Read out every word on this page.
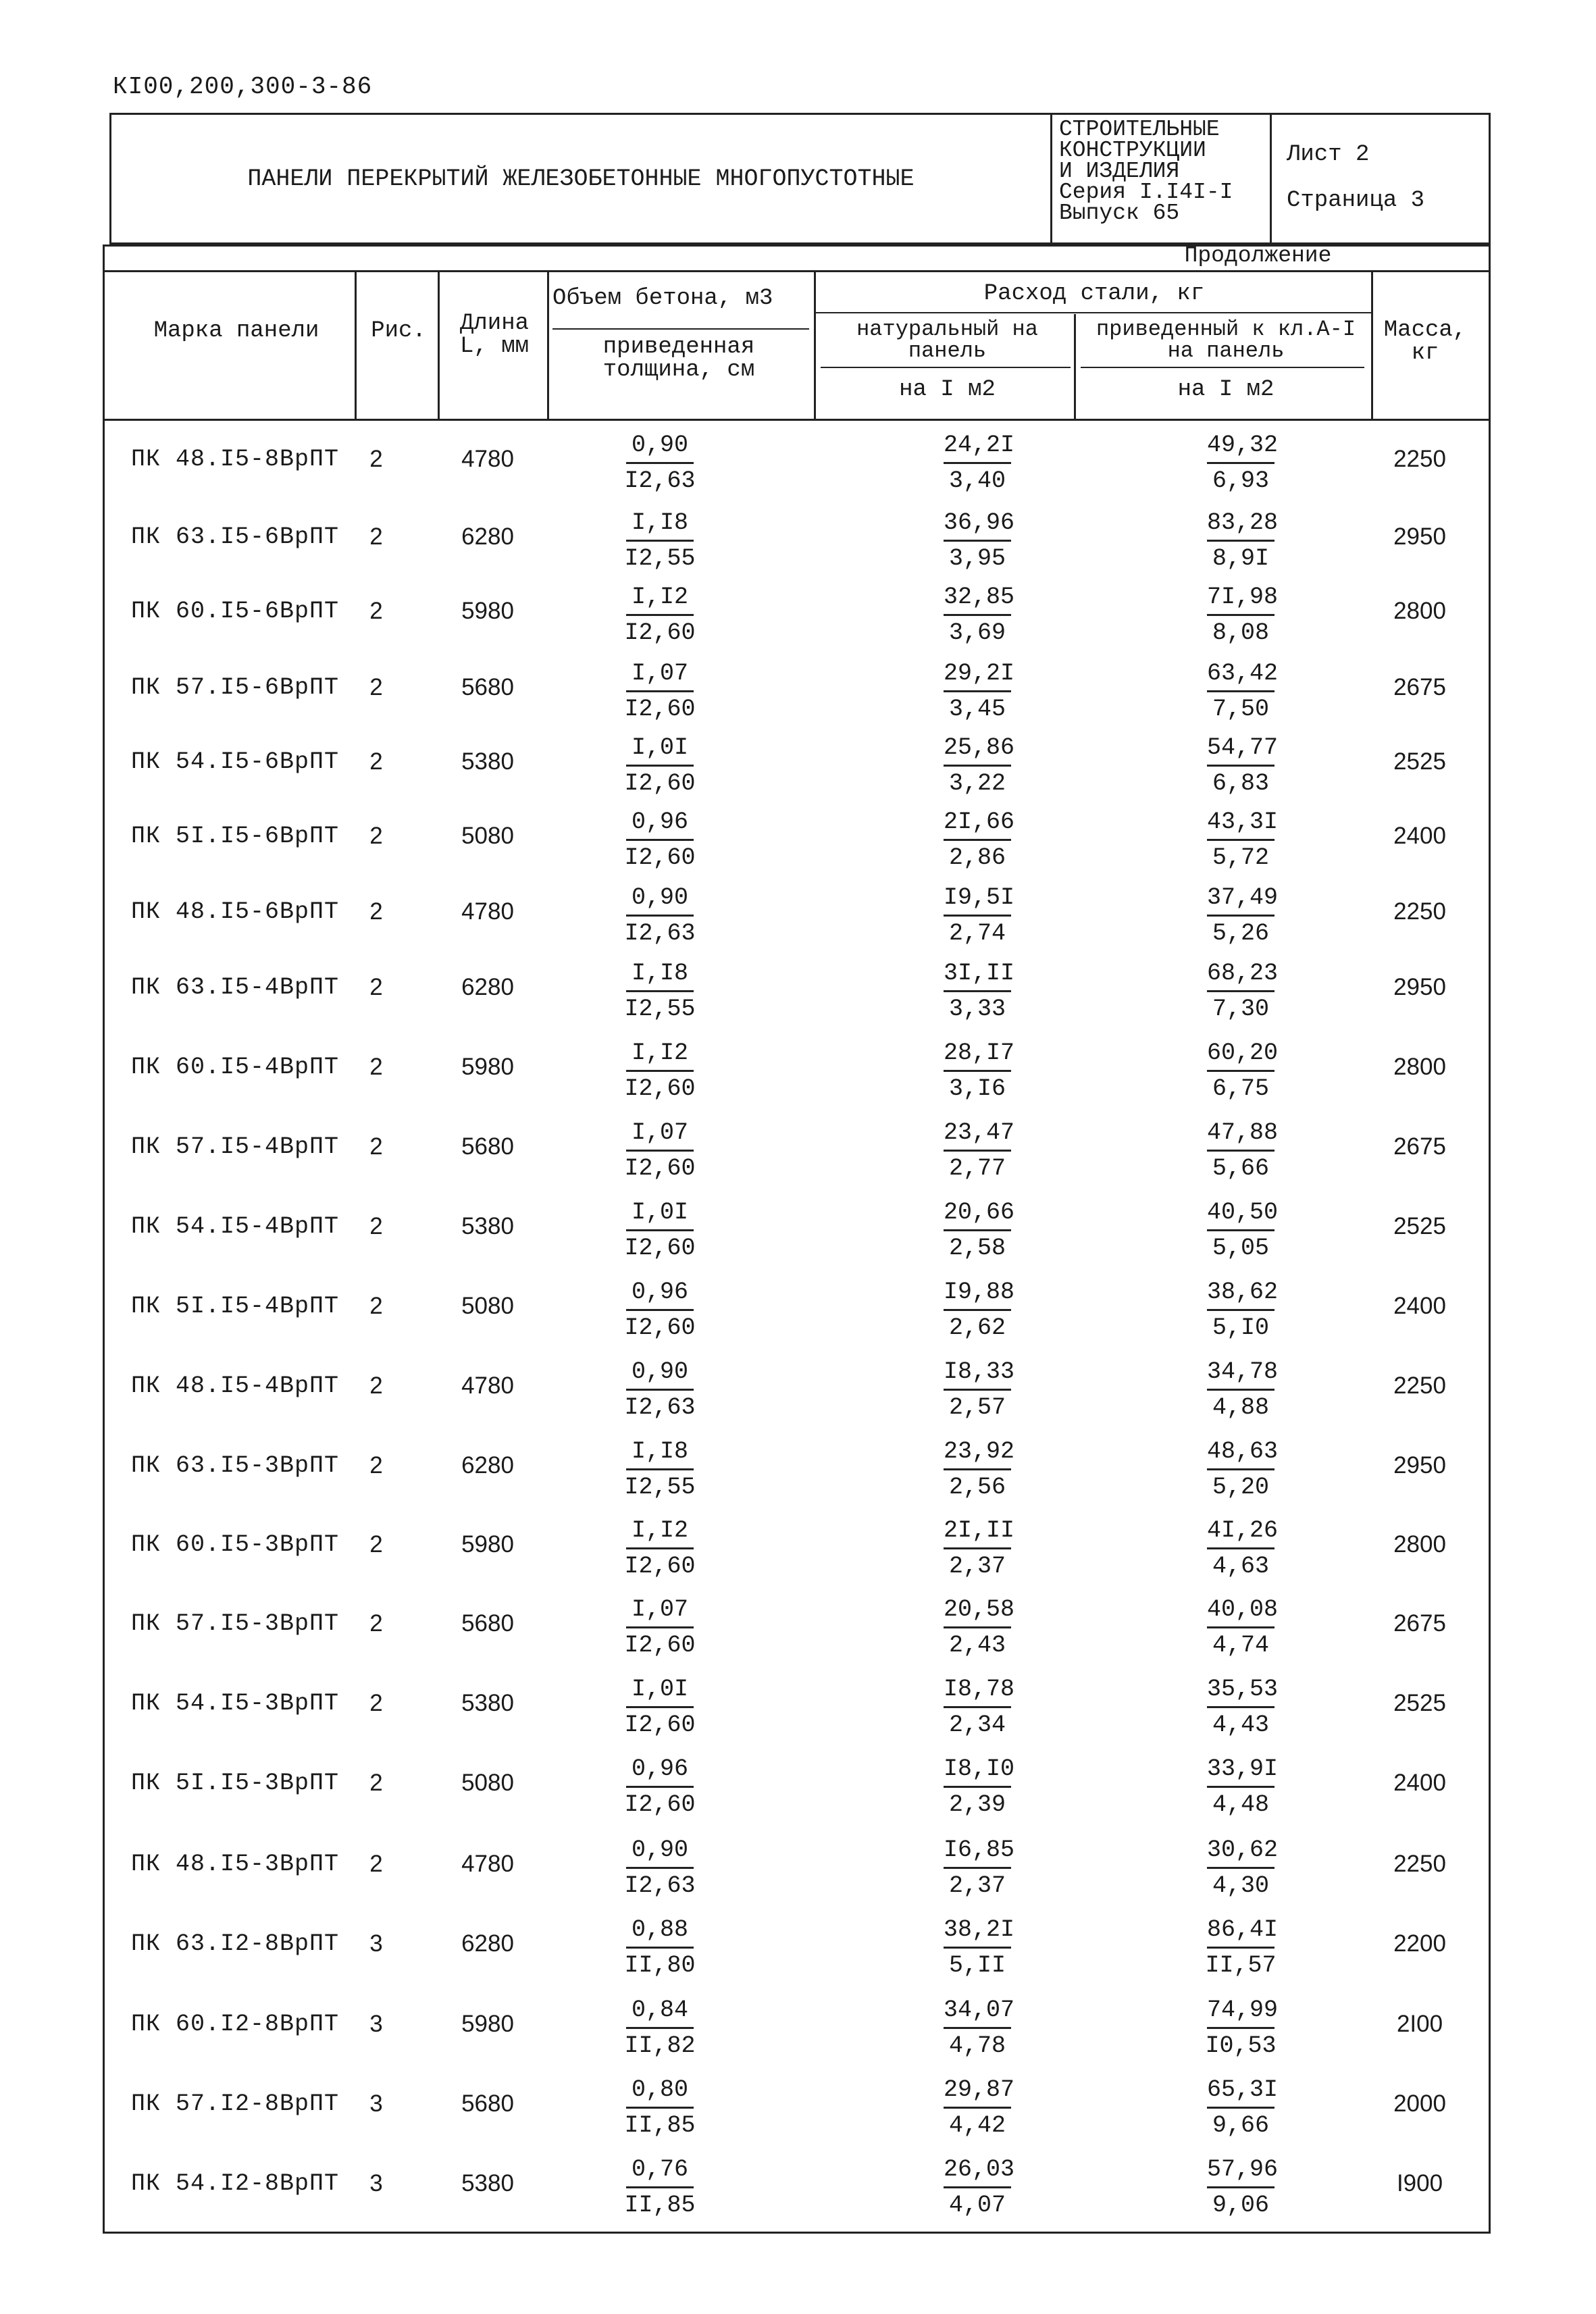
КI00,200,300-3-86
ПАНЕЛИ ПЕРЕКРЫТИЙ ЖЕЛЕЗОБЕТОННЫЕ МНОГОПУСТОТНЫЕ
СТРОИТЕЛЬНЫЕ
КОНСТРУКЦИИ
И ИЗДЕЛИЯ
Серия I.I4I-I
Выпуск 65
Лист 2
Страница 3
Продолжение
Марка панели	Рис.	Длина L, мм
Объем бетона, м3
приведенная толщина, см
Расход стали, кг
натуральный на панель
приведенный к кл.А-I на панель
на I м2	на I м2
Масса, кг
ПК 48.I5-8ВрПТ	2	4780	$\frac{0,90}{I2,63}$	$\frac{24,2I}{3,40}$	$\frac{49,32}{6,93}$	2250
ПК 63.I5-6ВрПТ	2	6280	$\frac{I,I8}{I2,55}$	$\frac{36,96}{3,95}$	$\frac{83,28}{8,9I}$	2950
ПК 60.I5-6ВрПТ	2	5980	$\frac{I,I2}{I2,60}$	$\frac{32,85}{3,69}$	$\frac{7I,98}{8,08}$	2800
ПК 57.I5-6ВрПТ	2	5680	$\frac{I,07}{I2,60}$	$\frac{29,2I}{3,45}$	$\frac{63,42}{7,50}$	2675
ПК 54.I5-6ВрПТ	2	5380	$\frac{I,0I}{I2,60}$	$\frac{25,86}{3,22}$	$\frac{54,77}{6,83}$	2525
ПК 5I.I5-6ВрПТ	2	5080	$\frac{0,96}{I2,60}$	$\frac{2I,66}{2,86}$	$\frac{43,3I}{5,72}$	2400
ПК 48.I5-6ВрПТ	2	4780	$\frac{0,90}{I2,63}$	$\frac{I9,5I}{2,74}$	$\frac{37,49}{5,26}$	2250
ПК 63.I5-4ВрПТ	2	6280	$\frac{I,I8}{I2,55}$	$\frac{3I,II}{3,33}$	$\frac{68,23}{7,30}$	2950
ПК 60.I5-4ВрПТ	2	5980	$\frac{I,I2}{I2,60}$	$\frac{28,I7}{3,I6}$	$\frac{60,20}{6,75}$	2800
ПК 57.I5-4ВрПТ	2	5680	$\frac{I,07}{I2,60}$	$\frac{23,47}{2,77}$	$\frac{47,88}{5,66}$	2675
ПК 54.I5-4ВрПТ	2	5380	$\frac{I,0I}{I2,60}$	$\frac{20,66}{2,58}$	$\frac{40,50}{5,05}$	2525
ПК 5I.I5-4ВрПТ	2	5080	$\frac{0,96}{I2,60}$	$\frac{I9,88}{2,62}$	$\frac{38,62}{5,I0}$	2400
ПК 48.I5-4ВрПТ	2	4780	$\frac{0,90}{I2,63}$	$\frac{I8,33}{2,57}$	$\frac{34,78}{4,88}$	2250
ПК 63.I5-3ВрПТ	2	6280	$\frac{I,I8}{I2,55}$	$\frac{23,92}{2,56}$	$\frac{48,63}{5,20}$	2950
ПК 60.I5-3ВрПТ	2	5980	$\frac{I,I2}{I2,60}$	$\frac{2I,II}{2,37}$	$\frac{4I,26}{4,63}$	2800
ПК 57.I5-3ВрПТ	2	5680	$\frac{I,07}{I2,60}$	$\frac{20,58}{2,43}$	$\frac{40,08}{4,74}$	2675
ПК 54.I5-3ВрПТ	2	5380	$\frac{I,0I}{I2,60}$	$\frac{I8,78}{2,34}$	$\frac{35,53}{4,43}$	2525
ПК 5I.I5-3ВрПТ	2	5080	$\frac{0,96}{I2,60}$	$\frac{I8,I0}{2,39}$	$\frac{33,9I}{4,48}$	2400
ПК 48.I5-3ВрПТ	2	4780	$\frac{0,90}{I2,63}$	$\frac{I6,85}{2,37}$	$\frac{30,62}{4,30}$	2250
ПК 63.I2-8ВрПТ	3	6280	$\frac{0,88}{II,80}$	$\frac{38,2I}{5,II}$	$\frac{86,4I}{II,57}$	2200
ПК 60.I2-8ВрПТ	3	5980	$\frac{0,84}{II,82}$	$\frac{34,07}{4,78}$	$\frac{74,99}{I0,53}$	2I00
ПК 57.I2-8ВрПТ	3	5680	$\frac{0,80}{II,85}$	$\frac{29,87}{4,42}$	$\frac{65,3I}{9,66}$	2000
ПК 54.I2-8ВрПТ	3	5380	$\frac{0,76}{II,85}$	$\frac{26,03}{4,07}$	$\frac{57,96}{9,06}$	I900
